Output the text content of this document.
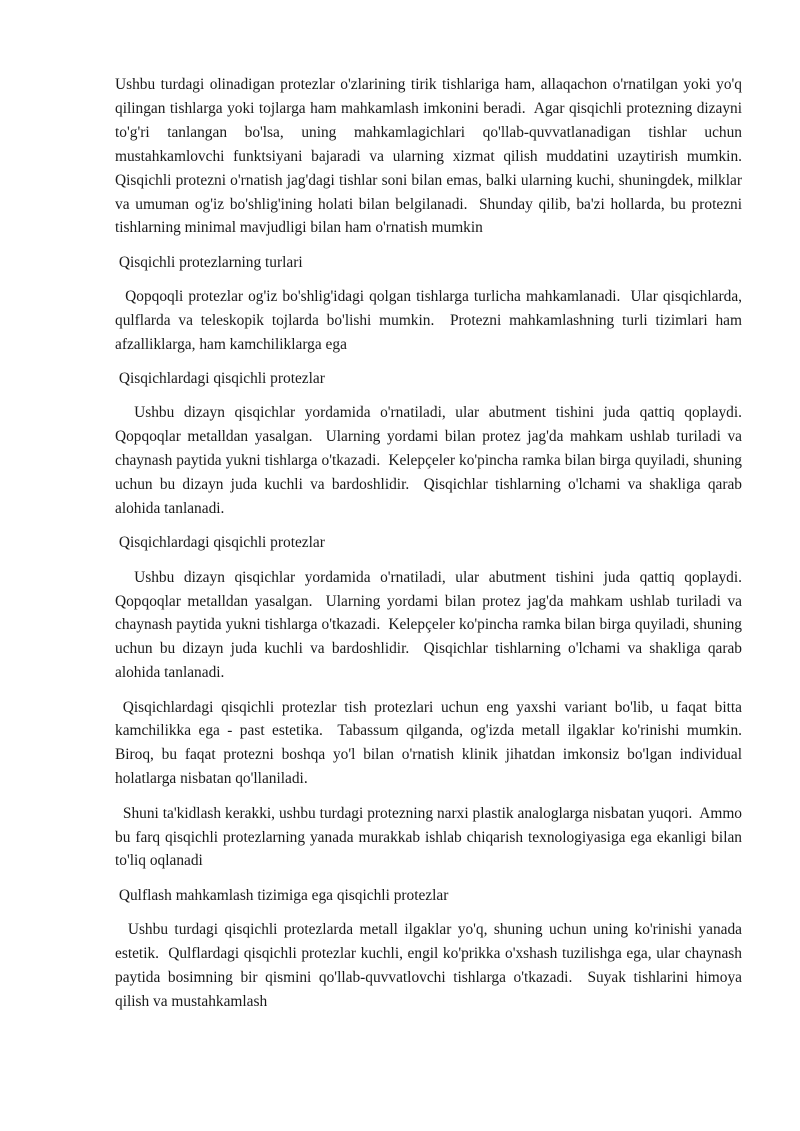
Ushbu turdagi olinadigan protezlar o'zlarining tirik tishlariga ham, allaqachon o'rnatilgan yoki yo'q qilingan tishlarga yoki tojlarga ham mahkamlash imkonini beradi.  Agar qisqichli protezning dizayni to'g'ri tanlangan bo'lsa, uning mahkamlagichlari qo'llab-quvvatlanadigan tishlar uchun mustahkamlovchi funktsiyani bajaradi va ularning xizmat qilish muddatini uzaytirish mumkin.  Qisqichli protezni o'rnatish jag'dagi tishlar soni bilan emas, balki ularning kuchi, shuningdek, milklar va umuman og'iz bo'shlig'ining holati bilan belgilanadi.  Shunday qilib, ba'zi hollarda, bu protezni tishlarning minimal mavjudligi bilan ham o'rnatish mumkin

Qisqichli protezlarning turlari

Qopqoqli protezlar og'iz bo'shlig'idagi qolgan tishlarga turlicha mahkamlanadi.  Ular qisqichlarda, qulflarda va teleskopik tojlarda bo'lishi mumkin.  Protezni mahkamlashning turli tizimlari ham afzalliklarga, ham kamchiliklarga ega

Qisqichlardagi qisqichli protezlar

Ushbu dizayn qisqichlar yordamida o'rnatiladi, ular abutment tishini juda qattiq qoplaydi.  Qopqoqlar metalldan yasalgan.  Ularning yordami bilan protez jag'da mahkam ushlab turiladi va chaynash paytida yukni tishlarga o'tkazadi.  Kelepçeler ko'pincha ramka bilan birga quyiladi, shuning uchun bu dizayn juda kuchli va bardoshlidir.  Qisqichlar tishlarning o'lchami va shakliga qarab alohida tanlanadi.

Qisqichlardagi qisqichli protezlar

Ushbu dizayn qisqichlar yordamida o'rnatiladi, ular abutment tishini juda qattiq qoplaydi.  Qopqoqlar metalldan yasalgan.  Ularning yordami bilan protez jag'da mahkam ushlab turiladi va chaynash paytida yukni tishlarga o'tkazadi.  Kelepçeler ko'pincha ramka bilan birga quyiladi, shuning uchun bu dizayn juda kuchli va bardoshlidir.  Qisqichlar tishlarning o'lchami va shakliga qarab alohida tanlanadi.

Qisqichlardagi qisqichli protezlar tish protezlari uchun eng yaxshi variant bo'lib, u faqat bitta kamchilikka ega - past estetika.  Tabassum qilganda, og'izda metall ilgaklar ko'rinishi mumkin.  Biroq, bu faqat protezni boshqa yo'l bilan o'rnatish klinik jihatdan imkonsiz bo'lgan individual holatlarga nisbatan qo'llaniladi.

Shuni ta'kidlash kerakki, ushbu turdagi protezning narxi plastik analoglarga nisbatan yuqori.  Ammo bu farq qisqichli protezlarning yanada murakkab ishlab chiqarish texnologiyasiga ega ekanligi bilan to'liq oqlanadi

Qulflash mahkamlash tizimiga ega qisqichli protezlar

Ushbu turdagi qisqichli protezlarda metall ilgaklar yo'q, shuning uchun uning ko'rinishi yanada estetik.  Qulflardagi qisqichli protezlar kuchli, engil ko'prikka o'xshash tuzilishga ega, ular chaynash paytida bosimning bir qismini qo'llab-quvvatlovchi tishlarga o'tkazadi.  Suyak tishlarini himoya qilish va mustahkamlash
